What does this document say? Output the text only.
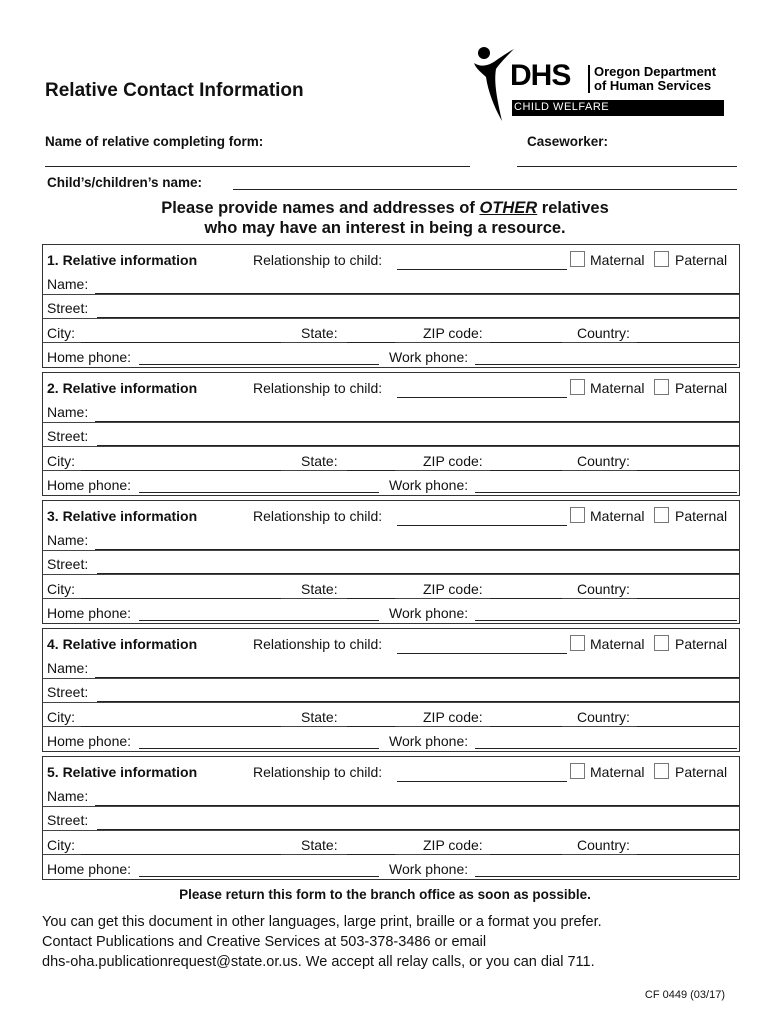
Relative Contact Information	DHS Oregon Department
of Human Services
CHILD WELFARE
Name of relative completing form:	Caseworker:
Child’s/children’s name:
Please provide names and addresses of OTHER relatives
who may have an interest in being a resource.
1. Relative information	Relationship to child:	Maternal Paternal
Name:
Street:
City:	State:	ZIP code:	Country:
Home phone:	Work phone:
2. Relative information	Relationship to child:	Maternal Paternal
Name:
Street:
City:	State:	ZIP code:	Country:
Home phone:	Work phone:
3. Relative information	Relationship to child:	Maternal Paternal
Name:
Street:
City:	State:	ZIP code:	Country:
Home phone:	Work phone:
4. Relative information	Relationship to child:	Maternal Paternal
Name:
Street:
City:	State:	ZIP code:	Country:
Home phone:	Work phone:
5. Relative information	Relationship to child:	Maternal Paternal
Name:
Street:
City:	State:	ZIP code:	Country:
Home phone:	Work phone:
Please return this form to the branch office as soon as possible.
You can get this document in other languages, large print, braille or a format you prefer.
Contact Publications and Creative Services at 503-378-3486 or email
dhs-oha.publicationrequest@state.or.us. We accept all relay calls, or you can dial 711.
CF 0449 (03/17)
